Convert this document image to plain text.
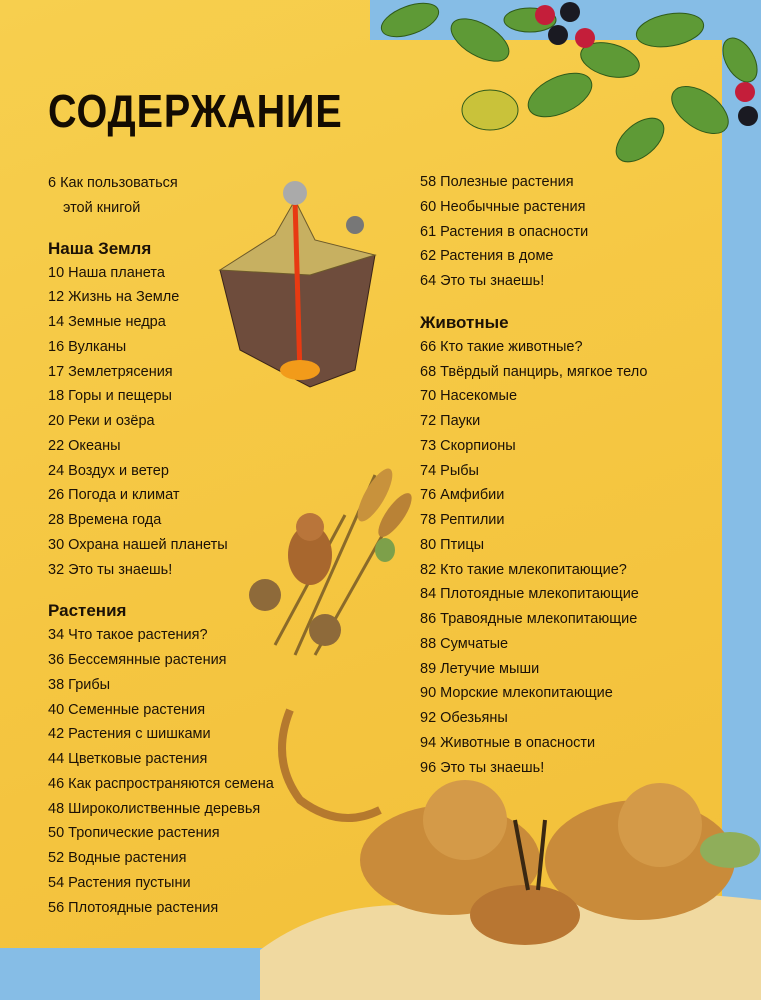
СОДЕРЖАНИЕ
6 Как пользоваться
этой книгой
Наша Земля
10 Наша планета
12 Жизнь на Земле
14 Земные недра
16 Вулканы
17 Землетрясения
18 Горы и пещеры
20 Реки и озёра
22 Океаны
24 Воздух и ветер
26 Погода и климат
28 Времена года
30 Охрана нашей планеты
32 Это ты знаешь!
Растения
34 Что такое растения?
36 Бессемянные растения
38 Грибы
40 Семенные растения
42 Растения с шишками
44 Цветковые растения
46 Как распространяются семена
48 Широколиственные деревья
50 Тропические растения
52 Водные растения
54 Растения пустыни
56 Плотоядные растения
58 Полезные растения
60 Необычные растения
61 Растения в опасности
62 Растения в доме
64 Это ты знаешь!
Животные
66 Кто такие животные?
68 Твёрдый панцирь, мягкое тело
70 Насекомые
72 Пауки
73 Скорпионы
74 Рыбы
76 Амфибии
78 Рептилии
80 Птицы
82 Кто такие млекопитающие?
84 Плотоядные млекопитающие
86 Травоядные млекопитающие
88 Сумчатые
89 Летучие мыши
90 Морские млекопитающие
92 Обезьяны
94 Животные в опасности
96 Это ты знаешь!
